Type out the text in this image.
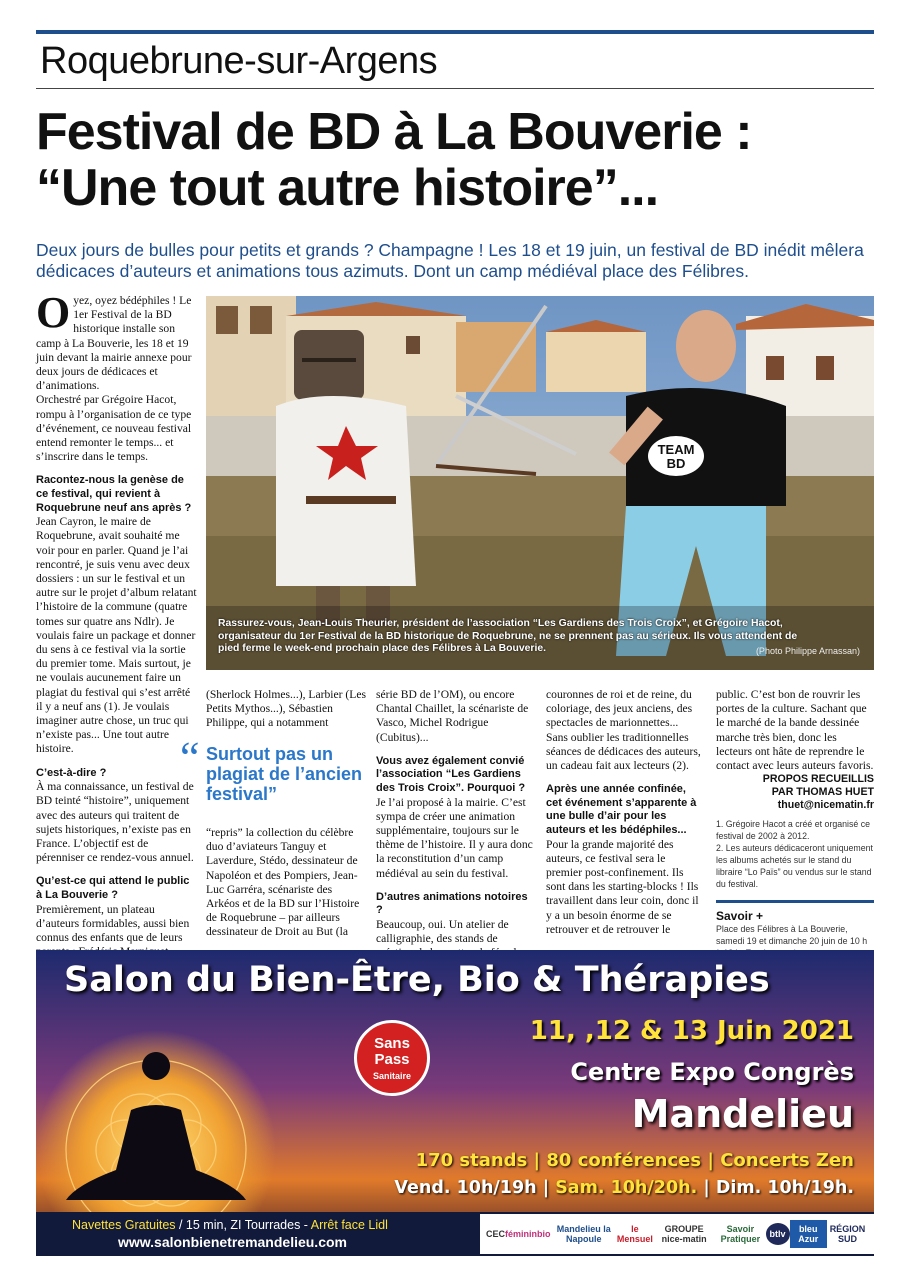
Roquebrune-sur-Argens
Festival de BD à La Bouverie :
“Une tout autre histoire”...
Deux jours de bulles pour petits et grands ? Champagne ! Les 18 et 19 juin, un festival de BD inédit mêlera dédicaces d’auteurs et animations tous azimuts. Dont un camp médiéval place des Félibres.

Oyez, oyez bédéphiles ! Le 1er Festival de la BD historique installe son camp à La Bouverie, les 18 et 19 juin devant la mairie annexe pour deux jours de dédicaces et d’animations.

Orchestré par Grégoire Hacot, rompu à l’organisation de ce type d’événement, ce nouveau festival entend remonter le temps... et s’inscrire dans le temps.

Racontez-nous la genèse de ce festival, qui revient à Roquebrune neuf ans après ?

Jean Cayron, le maire de Roquebrune, avait souhaité me voir pour en parler. Quand je l’ai rencontré, je suis venu avec deux dossiers : un sur le festival et un autre sur le projet d’album relatant l’histoire de la commune (quatre tomes sur quatre ans Ndlr). Je voulais faire un package et donner du sens à ce festival via la sortie du premier tome. Mais surtout, je ne voulais aucunement faire un plagiat du festival qui s’est arrêté il y a neuf ans (1). Je voulais imaginer autre chose, un truc qui n’existe pas... Une tout autre histoire.

C’est-à-dire ?

À ma connaissance, un festival de BD teinté “histoire”, uniquement avec des auteurs qui traitent de sujets historiques, n’existe pas en France. L’objectif est de pérenniser ce rendez-vous annuel.

Qu’est-ce qui attend le public à La Bouverie ?

Premièrement, un plateau d’auteurs formidables, aussi bien connus des enfants que de leurs

TEAM
BD
Rassurez-vous, Jean-Louis Theurier, président de l’association “Les Gardiens des Trois Croix”, et Grégoire Hacot, organisateur du 1er Festival de la BD historique de Roquebrune, ne se prennent pas au sérieux. Ils vous attendent de pied ferme le week-end prochain place des Félibres à La Bouverie.	(Photo Philippe Arnassan)

(Sherlock Holmes...), Larbier (Les Petits Mythos...), Sébastien Philippe, qui a notamment

“ Surtout pas un plagiat de l’ancien festival”

“repris” la collection du célèbre duo d’aviateurs Tanguy et Laverdure, Stédo, dessinateur de Napoléon et des Pompiers, Jean-Luc Garréra, scénariste des Arkéos et de la BD sur l’Histoire de Roquebrune – par ailleurs dessinateur de Droit au But (la

série BD de l’OM), ou encore Chantal Chaillet, la scénariste de Vasco, Michel Rodrigue (Cubitus)...

Vous avez également convié l’association “Les Gardiens des Trois Croix”. Pourquoi ?

Je l’ai proposé à la mairie. C’est sympa de créer une animation supplémentaire, toujours sur le thème de l’histoire. Il y aura donc la reconstitution d’un camp médiéval au sein du festival.

D’autres animations notoires ?

Beaucoup, oui. Un atelier de calligraphie, des stands de

couronnes de roi et de reine, du coloriage, des jeux anciens, des spectacles de marionnettes... Sans oublier les traditionnelles séances de dédicaces des auteurs, un cadeau fait aux lecteurs (2).

Après une année confinée, cet événement s’apparente à une bulle d’air pour les auteurs et les bédéphiles...

Pour la grande majorité des auteurs, ce festival sera le premier post-confinement. Ils sont dans les starting-blocks ! Ils travaillent dans leur coin, donc il y a un besoin énorme de se retrouver et de retrouver le

public. C’est bon de rouvrir les portes de la culture. Sachant que le marché de la bande dessinée marche très bien, donc les lecteurs ont hâte de reprendre le contact avec leurs auteurs favoris.

PROPOS RECUEILLIS
PAR THOMAS HUET
thuet@nicematin.fr
1. Grégoire Hacot a créé et organisé ce festival de 2002 à 2012.
2. Les auteurs dédicaceront uniquement les albums achetés sur le stand du libraire “Lo Païs” ou vendus sur le stand du festival.
Savoir +
Place des Félibres à La Bouverie, samedi 19 et dimanche 20 juin de 10 h
Salon du Bien-Être, Bio & Thérapies
Sans
Pass
Sanitaire
11, ,12 & 13 Juin 2021
Centre Expo Congrès
Mandelieu
170 stands | 80 conférences | Concerts Zen
Vend. 10h/19h | Sam. 10h/20h. | Dim. 10h/19h.
Navettes Gratuites / 15 min, ZI Tourrades - Arrêt face Lidl
www.salonbienetremandelieu.com	CEC fémininbio Mandelieu la Napoule
le Mensuel
GROUPE nice-matin
Savoir Pratiquer	btlv	bleu Azur
RÉGION SUD
